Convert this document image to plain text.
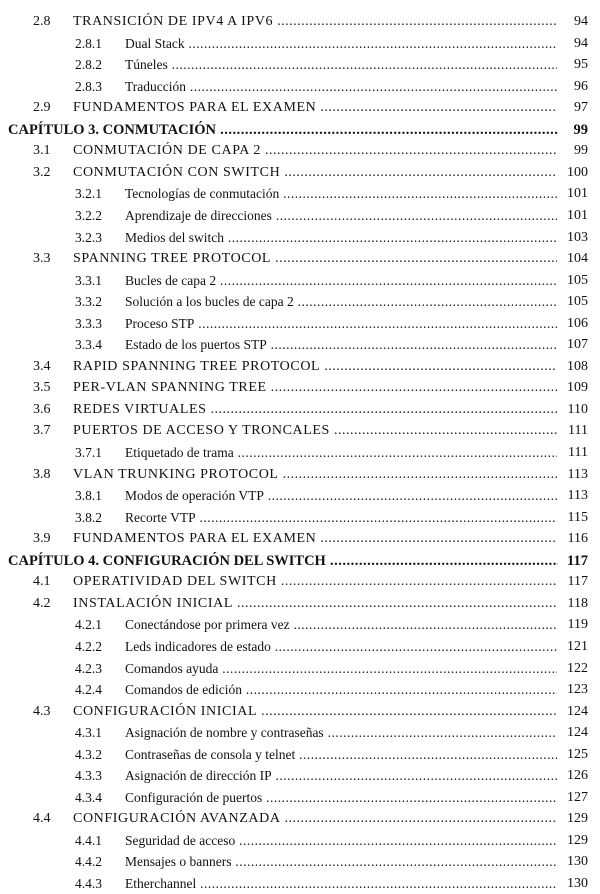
2.8 TRANSICIÓN DE IPV4 A IPV6 .....	94
2.8.1 Dual Stack .....	94
2.8.2 Túneles .....	95
2.8.3 Traducción .....	96
2.9 FUNDAMENTOS PARA EL EXAMEN .....	97
CAPÍTULO 3. CONMUTACIÓN .....	99
3.1 CONMUTACIÓN DE CAPA 2 .....	99
3.2 CONMUTACIÓN CON SWITCH .....	100
3.2.1 Tecnologías de conmutación .....	101
3.2.2 Aprendizaje de direcciones .....	101
3.2.3 Medios del switch .....	103
3.3 SPANNING TREE PROTOCOL .....	104
3.3.1 Bucles de capa 2 .....	105
3.3.2 Solución a los bucles de capa 2 .....	105
3.3.3 Proceso STP .....	106
3.3.4 Estado de los puertos STP .....	107
3.4 RAPID SPANNING TREE PROTOCOL .....	108
3.5 PER-VLAN SPANNING TREE .....	109
3.6 REDES VIRTUALES .....	110
3.7 PUERTOS DE ACCESO Y TRONCALES .....	111
3.7.1 Etiquetado de trama .....	111
3.8 VLAN TRUNKING PROTOCOL .....	113
3.8.1 Modos de operación VTP .....	113
3.8.2 Recorte VTP .....	115
3.9 FUNDAMENTOS PARA EL EXAMEN .....	116
CAPÍTULO 4. CONFIGURACIÓN DEL SWITCH .....	117
4.1 OPERATIVIDAD DEL SWITCH .....	117
4.2 INSTALACIÓN INICIAL .....	118
4.2.1 Conectándose por primera vez .....	119
4.2.2 Leds indicadores de estado .....	121
4.2.3 Comandos ayuda .....	122
4.2.4 Comandos de edición .....	123
4.3 CONFIGURACIÓN INICIAL .....	124
4.3.1 Asignación de nombre y contraseñas .....	124
4.3.2 Contraseñas de consola y telnet .....	125
4.3.3 Asignación de dirección IP .....	126
4.3.4 Configuración de puertos .....	127
4.4 CONFIGURACIÓN AVANZADA .....	129
4.4.1 Seguridad de acceso .....	129
4.4.2 Mensajes o banners .....	130
4.4.3 Etherchannel .....	130
